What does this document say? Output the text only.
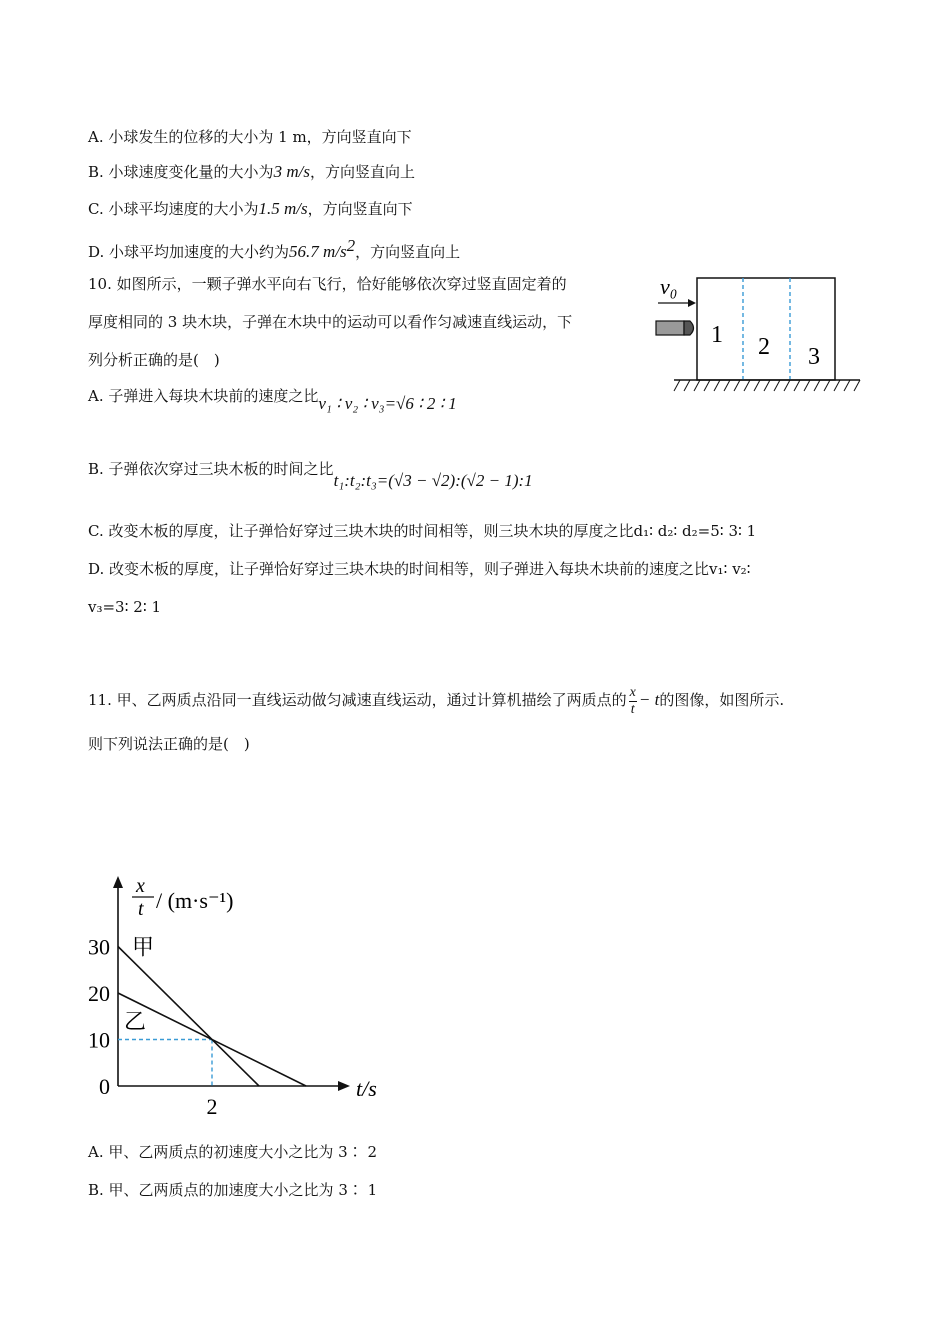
A. 小球发生的位移的大小为 1 m，方向竖直向下
B. 小球速度变化量的大小为3 m/s，方向竖直向上
C. 小球平均速度的大小为1.5 m/s，方向竖直向下
D. 小球平均加速度的大小约为56.7 $m/s^2$，方向竖直向上
10. 如图所示，一颗子弹水平向右飞行，恰好能够依次穿过竖直固定着的
厚度相同的 3 块木块，子弹在木块中的运动可以看作匀减速直线运动，下
列分析正确的是(　)
v₀
1 2 3
A. 子弹进入每块木块前的速度之比v₁ ∶ v₂ ∶ v₃=√6 ∶ 2 ∶ 1
B. 子弹依次穿过三块木板的时间之比t₁:t₂:t₃=(√3 − √2):(√2 − 1):1
C. 改变木板的厚度，让子弹恰好穿过三块木块的时间相等，则三块木块的厚度之比d₁∶ d₂∶ d₂=5∶ 3∶ 1
D. 改变木板的厚度，让子弹恰好穿过三块木块的时间相等，则子弹进入每块木块前的速度之比v₁∶ v₂∶
v₃=3∶ 2∶ 1
11. 甲、乙两质点沿同一直线运动做匀减速直线运动，通过计算机描绘了两质点的 $\frac{x}{t} - t$的图像，如图所示.
则下列说法正确的是(　)
x
t / (m·s⁻¹)
t/s
30
20
10
0
2
甲
乙
A. 甲、乙两质点的初速度大小之比为 3∶ 2
B. 甲、乙两质点的加速度大小之比为 3∶ 1
